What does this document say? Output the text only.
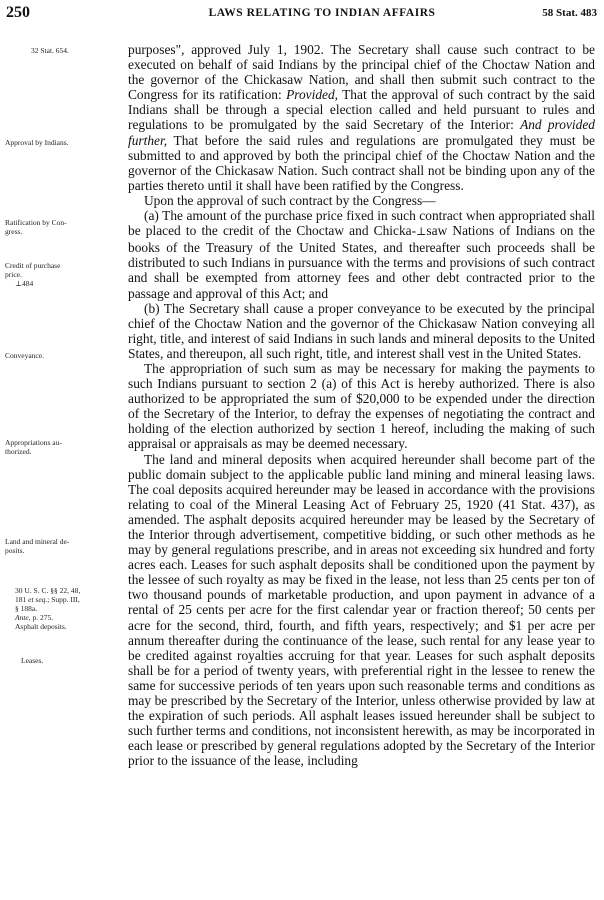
250	LAWS RELATING TO INDIAN AFFAIRS	58 Stat. 483
32 Stat. 654.
Approval by Indians.
Ratification by Con-
gress.
Credit of purchase
price.

⊥484
Conveyance.
Appropriations au-
thorized.
Land and mineral de-
posits.
30 U. S. C. §§ 22, 48,
181 et seq.; Supp. III,
§ 188a.
Ante, p. 275.
Asphalt deposits.
Leases.

purposes", approved July 1, 1902. The Secretary shall cause such contract to be executed on behalf of said Indians by the principal chief of the Choctaw Nation and the governor of the Chickasaw Nation, and shall then submit such contract to the Congress for its ratification: Provided, That the approval of such contract by the said Indians shall be through a special election called and held pursuant to rules and regulations to be promulgated by the said Secretary of the Interior: And provided further, That before the said rules and regulations are promulgated they must be submitted to and approved by both the principal chief of the Choctaw Nation and the governor of the Chickasaw Nation. Such contract shall not be binding upon any of the parties thereto until it shall have been ratified by the Congress.

Upon the approval of such contract by the Congress—

(a) The amount of the purchase price fixed in such contract when appropriated shall be placed to the credit of the Choctaw and Chicka-⊥saw Nations of Indians on the books of the Treasury of the United States, and thereafter such proceeds shall be distributed to such Indians in pursuance with the terms and provisions of such contract and shall be exempted from attorney fees and other debt contracted prior to the passage and approval of this Act; and

(b) The Secretary shall cause a proper conveyance to be executed by the principal chief of the Choctaw Nation and the governor of the Chickasaw Nation conveying all right, title, and interest of said Indians in such lands and mineral deposits to the United States, and thereupon, all such right, title, and interest shall vest in the United States.

The appropriation of such sum as may be necessary for making the payments to such Indians pursuant to section 2 (a) of this Act is hereby authorized. There is also authorized to be appropriated the sum of $20,000 to be expended under the direction of the Secretary of the Interior, to defray the expenses of negotiating the contract and holding of the election authorized by section 1 hereof, including the making of such appraisal or appraisals as may be deemed necessary.

The land and mineral deposits when acquired hereunder shall become part of the public domain subject to the applicable public land mining and mineral leasing laws. The coal deposits acquired hereunder may be leased in accordance with the provisions relating to coal of the Mineral Leasing Act of February 25, 1920 (41 Stat. 437), as amended. The asphalt deposits acquired hereunder may be leased by the Secretary of the Interior through advertisement, competitive bidding, or such other methods as he may by general regulations prescribe, and in areas not exceeding six hundred and forty acres each. Leases for such asphalt deposits shall be conditioned upon the payment by the lessee of such royalty as may be fixed in the lease, not less than 25 cents per ton of two thousand pounds of marketable production, and upon payment in advance of a rental of 25 cents per acre for the first calendar year or fraction thereof; 50 cents per acre for the second, third, fourth, and fifth years, respectively; and $1 per acre per annum thereafter during the continuance of the lease, such rental for any lease year to be credited against royalties accruing for that year. Leases for such asphalt deposits shall be for a period of twenty years, with preferential right in the lessee to renew the same for successive periods of ten years upon such reasonable terms and conditions as may be prescribed by the Secretary of the Interior, unless otherwise provided by law at the expiration of such periods. All asphalt leases issued hereunder shall be subject to such further terms and conditions, not inconsistent herewith, as may be incorporated in each lease or prescribed by general regulations adopted by the Secretary of the Interior prior to the issuance of the lease, including
